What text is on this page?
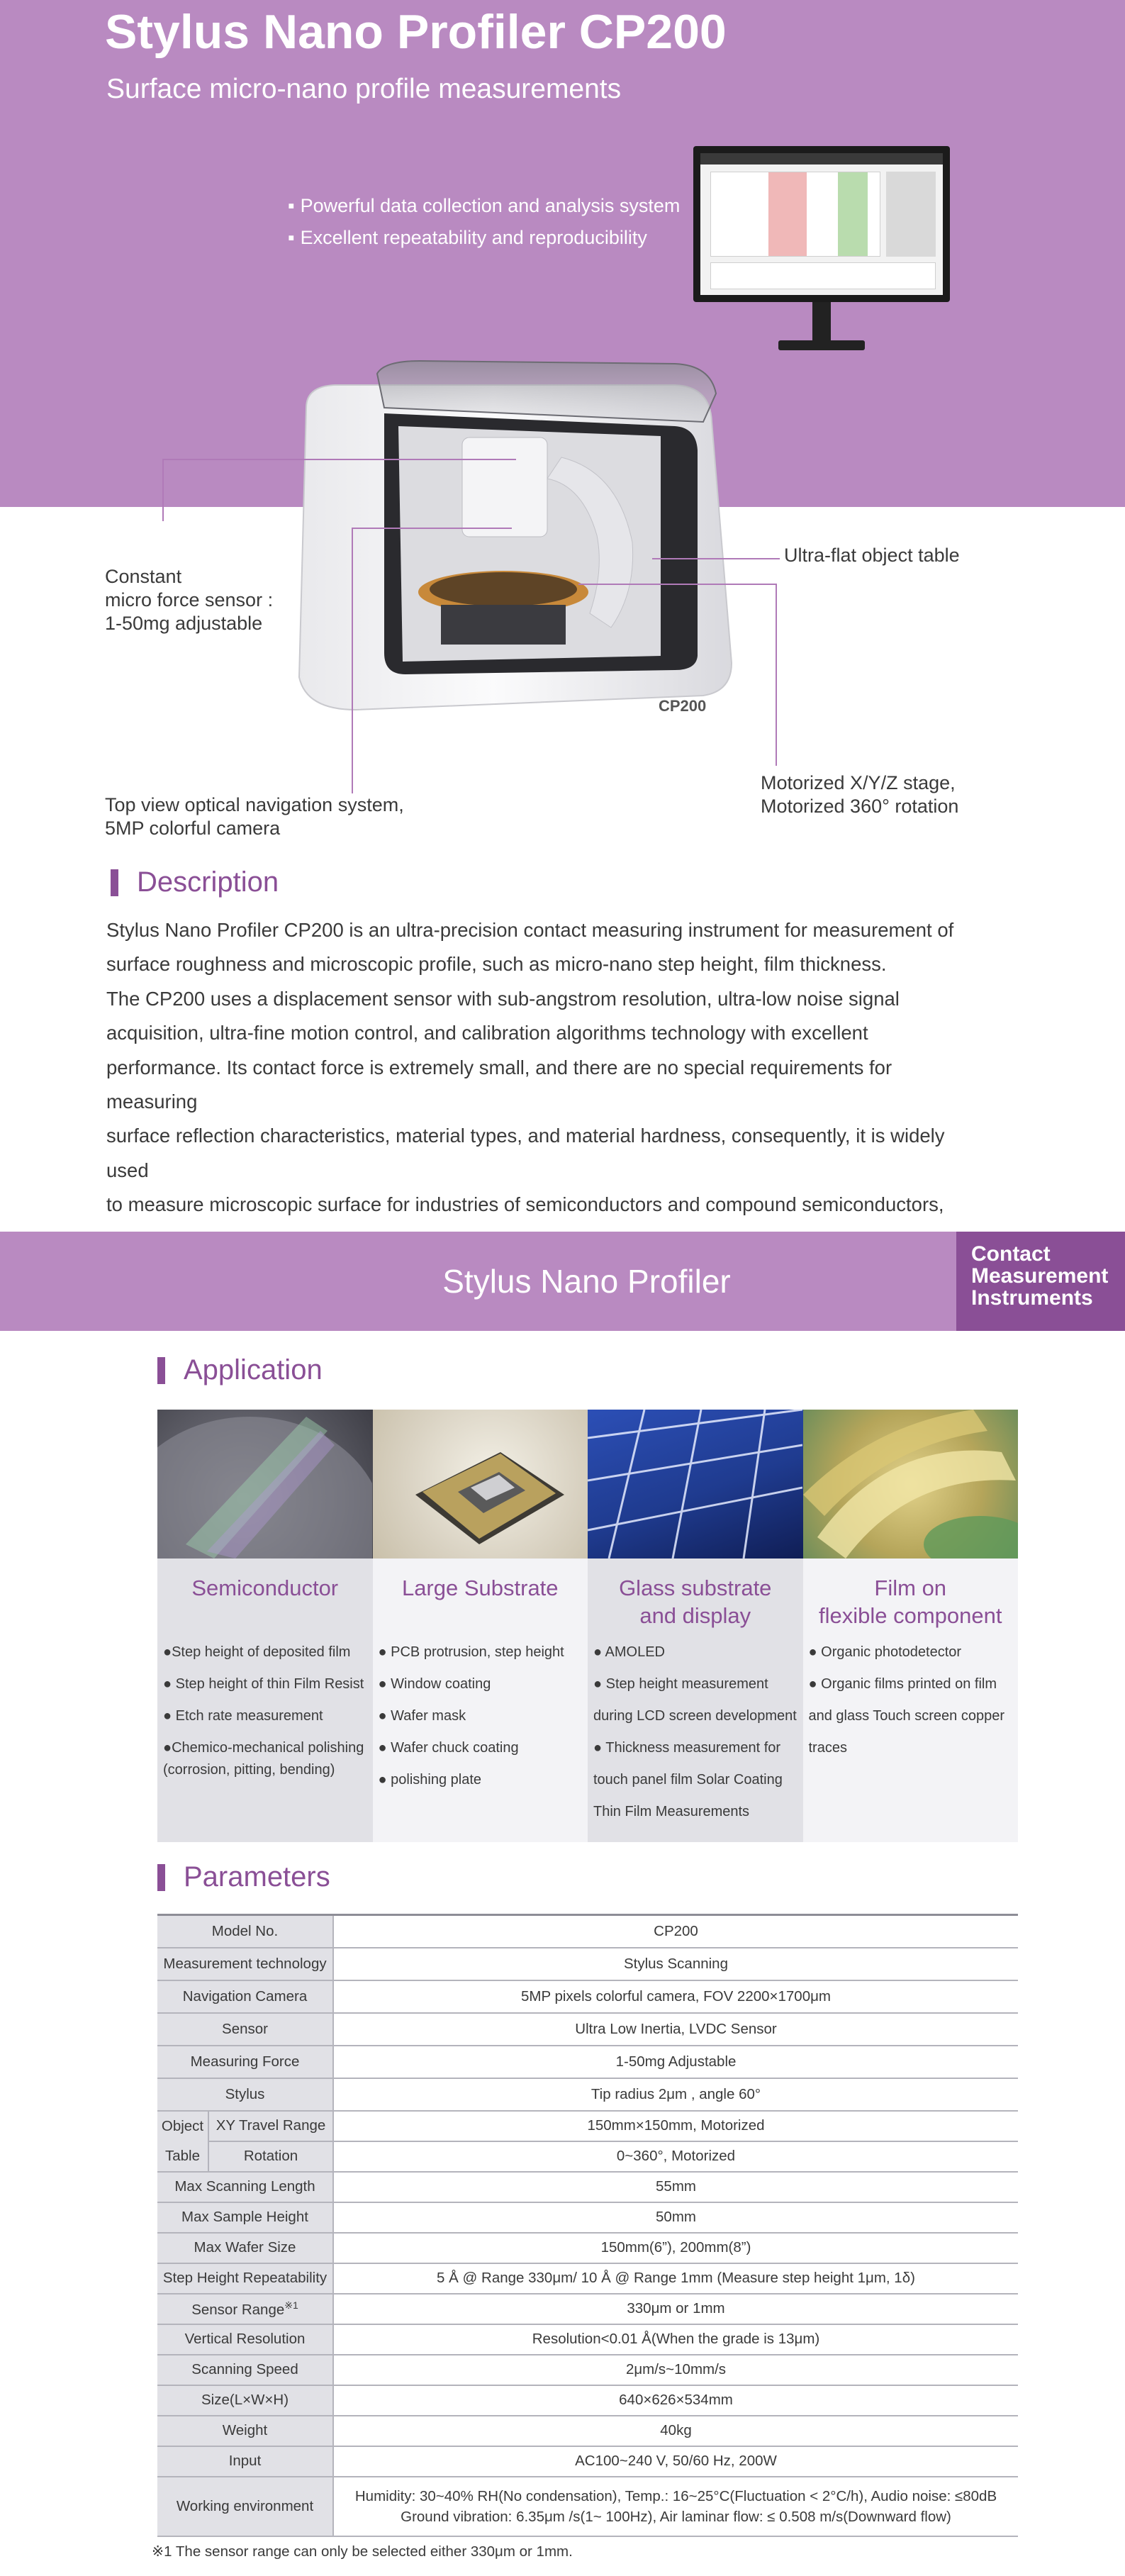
Stylus Nano Profiler CP200
Surface micro-nano profile measurements
▪ Powerful data collection and analysis system
▪ Excellent repeatability and reproducibility
CP200
Constant
micro force sensor :
1-50mg adjustable
Ultra-flat object table
Top view optical navigation system,
5MP colorful camera
Motorized X/Y/Z stage,
Motorized 360° rotation
Description
Stylus Nano Profiler CP200 is an ultra-precision contact measuring instrument for measurement of
surface roughness and microscopic profile, such as micro-nano step height, film thickness.
The CP200 uses a displacement sensor with sub-angstrom resolution, ultra-low noise signal
acquisition, ultra-fine motion control, and calibration algorithms technology with excellent
performance. Its contact force is extremely small, and there are no special requirements for measuring
surface reflection characteristics, material types, and material hardness, consequently, it is widely used
to measure microscopic surface for industries of semiconductors and compound semiconductors,
Stylus Nano Profiler
Contact
Measurement
Instruments
Application
Semiconductor
●Step height of deposited film
● Step height of thin Film Resist
● Etch rate measurement
●Chemico-mechanical polishing
(corrosion, pitting, bending)
Large Substrate
● PCB protrusion, step height
● Window coating
● Wafer mask
● Wafer chuck coating
● polishing plate
Glass substrate
and display
● AMOLED
● Step height measurement
during LCD screen development
● Thickness measurement for
touch panel film Solar Coating
Thin Film Measurements
Film on
flexible component
● Organic photodetector
● Organic films printed on film
and glass Touch screen copper
traces
Parameters
Model No.		CP200
Measurement technology		Stylus Scanning
Navigation Camera		5MP pixels colorful camera, FOV 2200×1700μm
Sensor		Ultra Low Inertia, LVDC Sensor
Measuring Force		1-50mg Adjustable
Stylus		Tip radius 2μm , angle 60°

Object
Table	XY Travel Range	150mm×150mm, Motorized
	Rotation	0~360°, Motorized
Max Scanning Length		55mm
Max Sample Height		50mm
Max Wafer Size		150mm(6”), 200mm(8”)
Step Height Repeatability		5 Å @ Range 330μm/ 10 Å @ Range 1mm (Measure step height 1μm, 1δ)
Sensor Range$^{※1}$		330μm or 1mm
Vertical Resolution		Resolution<0.01 Å(When the grade is 13μm)
Scanning Speed		2μm/s~10mm/s
Size(L×W×H)		640×626×534mm
Weight		40kg
Input		AC100~240 V, 50/60 Hz, 200W
Working environment		Humidity: 30~40% RH(No condensation), Temp.: 16~25°C(Fluctuation < 2°C/h), Audio noise: ≤80dB
Ground vibration: 6.35μm /s(1~ 100Hz), Air laminar flow: ≤ 0.508 m/s(Downward flow)
※1 The sensor range can only be selected either 330μm or 1mm.
